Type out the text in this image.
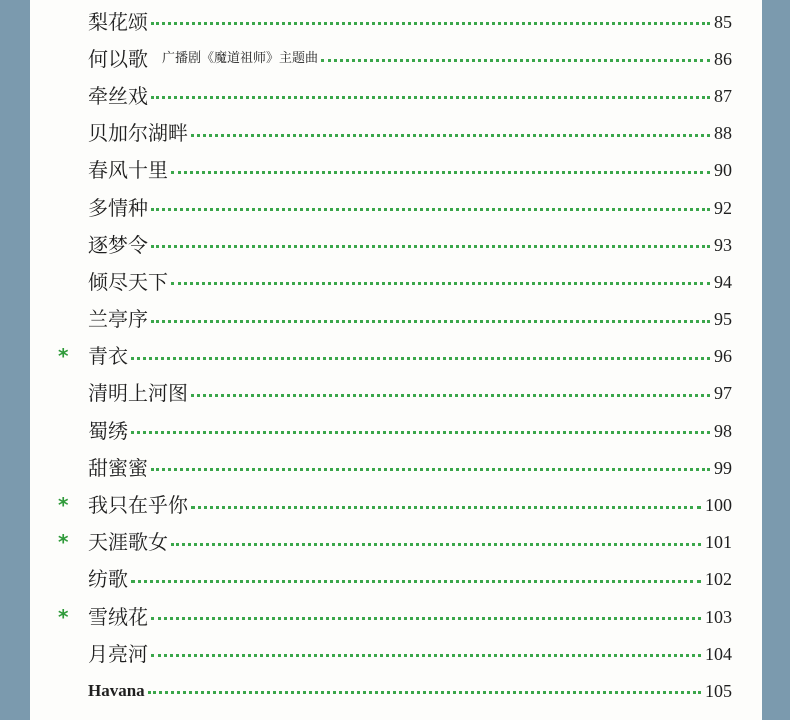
梨花颂	85
何以歌 广播剧《魔道祖师》主题曲	86
牵丝戏	87
贝加尔湖畔	88
春风十里	90
多情种	92
逐梦令	93
倾尽天下	94
兰亭序	95
* 青衣	96
清明上河图	97
蜀绣	98
甜蜜蜜	99
* 我只在乎你	100
* 天涯歌女	101
纺歌	102
* 雪绒花	103
月亮河	104
Havana	105
